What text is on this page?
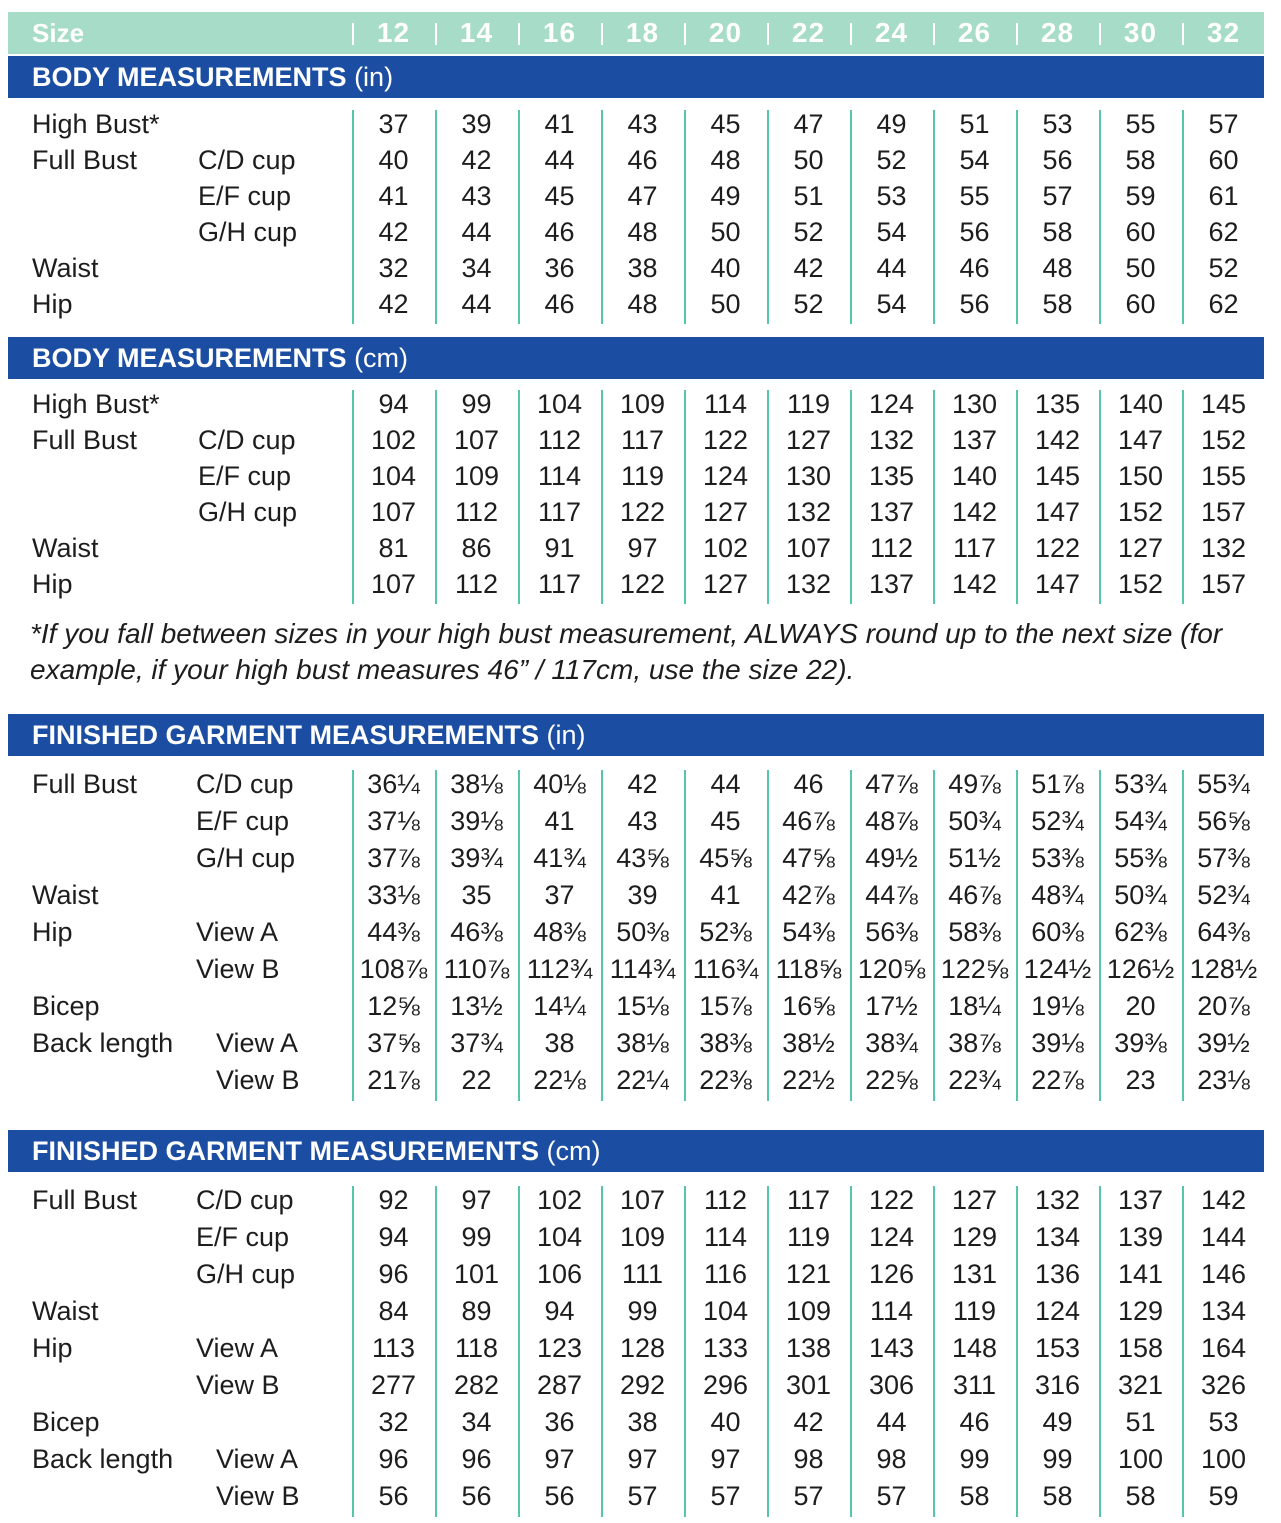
Size	12	14	16	18	20	22	24	26	28	30	32
BODY MEASUREMENTS (in)
High Bust*	37	39	41	43	45	47	49	51	53	55	57
Full Bust C/D cup	40	42	44	46	48	50	52	54	56	58	60
E/F cup	41	43	45	47	49	51	53	55	57	59	61
G/H cup	42	44	46	48	50	52	54	56	58	60	62
Waist	32	34	36	38	40	42	44	46	48	50	52
Hip	42	44	46	48	50	52	54	56	58	60	62
BODY MEASUREMENTS (cm)
High Bust*	94	99	104	109	114	119	124	130	135	140	145
Full Bust C/D cup	102	107	112	117	122	127	132	137	142	147	152
E/F cup	104	109	114	119	124	130	135	140	145	150	155
G/H cup	107	112	117	122	127	132	137	142	147	152	157
Waist	81	86	91	97	102	107	112	117	122	127	132
Hip	107	112	117	122	127	132	137	142	147	152	157
*If you fall between sizes in your high bust measurement, ALWAYS round up to the next size (for example, if your high bust measures 46” / 117cm, use the size 22).
FINISHED GARMENT MEASUREMENTS (in)
Full Bust C/D cup	36¼	38⅛	40⅛	42	44	46	47⅞	49⅞	51⅞	53¾	55¾
E/F cup	37⅛	39⅛	41	43	45	46⅞	48⅞	50¾	52¾	54¾	56⅝
G/H cup	37⅞	39¾	41¾	43⅝	45⅝	47⅝	49½	51½	53⅜	55⅜	57⅜
Waist	33⅛	35	37	39	41	42⅞	44⅞	46⅞	48¾	50¾	52¾
Hip	View A	44⅜	46⅜	48⅜	50⅜	52⅜	54⅜	56⅜	58⅜	60⅜	62⅜	64⅜
View B	108⅞ 110⅞ 112¾ 114¾ 116¾ 118⅝ 120⅝ 122⅝ 124½ 126½ 128½
Bicep	12⅝	13½	14¼	15⅛	15⅞	16⅝	17½	18¼	19⅛	20	20⅞
Back length View A	37⅝	37¾	38	38⅛	38⅜	38½	38¾	38⅞	39⅛	39⅜	39½
View B	21⅞	22	22⅛	22¼	22⅜	22½	22⅝	22¾	22⅞	23	23⅛
FINISHED GARMENT MEASUREMENTS (cm)
Full Bust C/D cup	92	97	102	107	112	117	122	127	132	137	142
E/F cup	94	99	104	109	114	119	124	129	134	139	144
G/H cup	96	101	106	111	116	121	126	131	136	141	146
Waist	84	89	94	99	104	109	114	119	124	129	134
Hip	View A	113	118	123	128	133	138	143	148	153	158	164
View B	277	282	287	292	296	301	306	311	316	321	326
Bicep	32	34	36	38	40	42	44	46	49	51	53
Back length View A	96	96	97	97	97	98	98	99	99	100	100
View B	56	56	56	57	57	57	57	58	58	58	59
